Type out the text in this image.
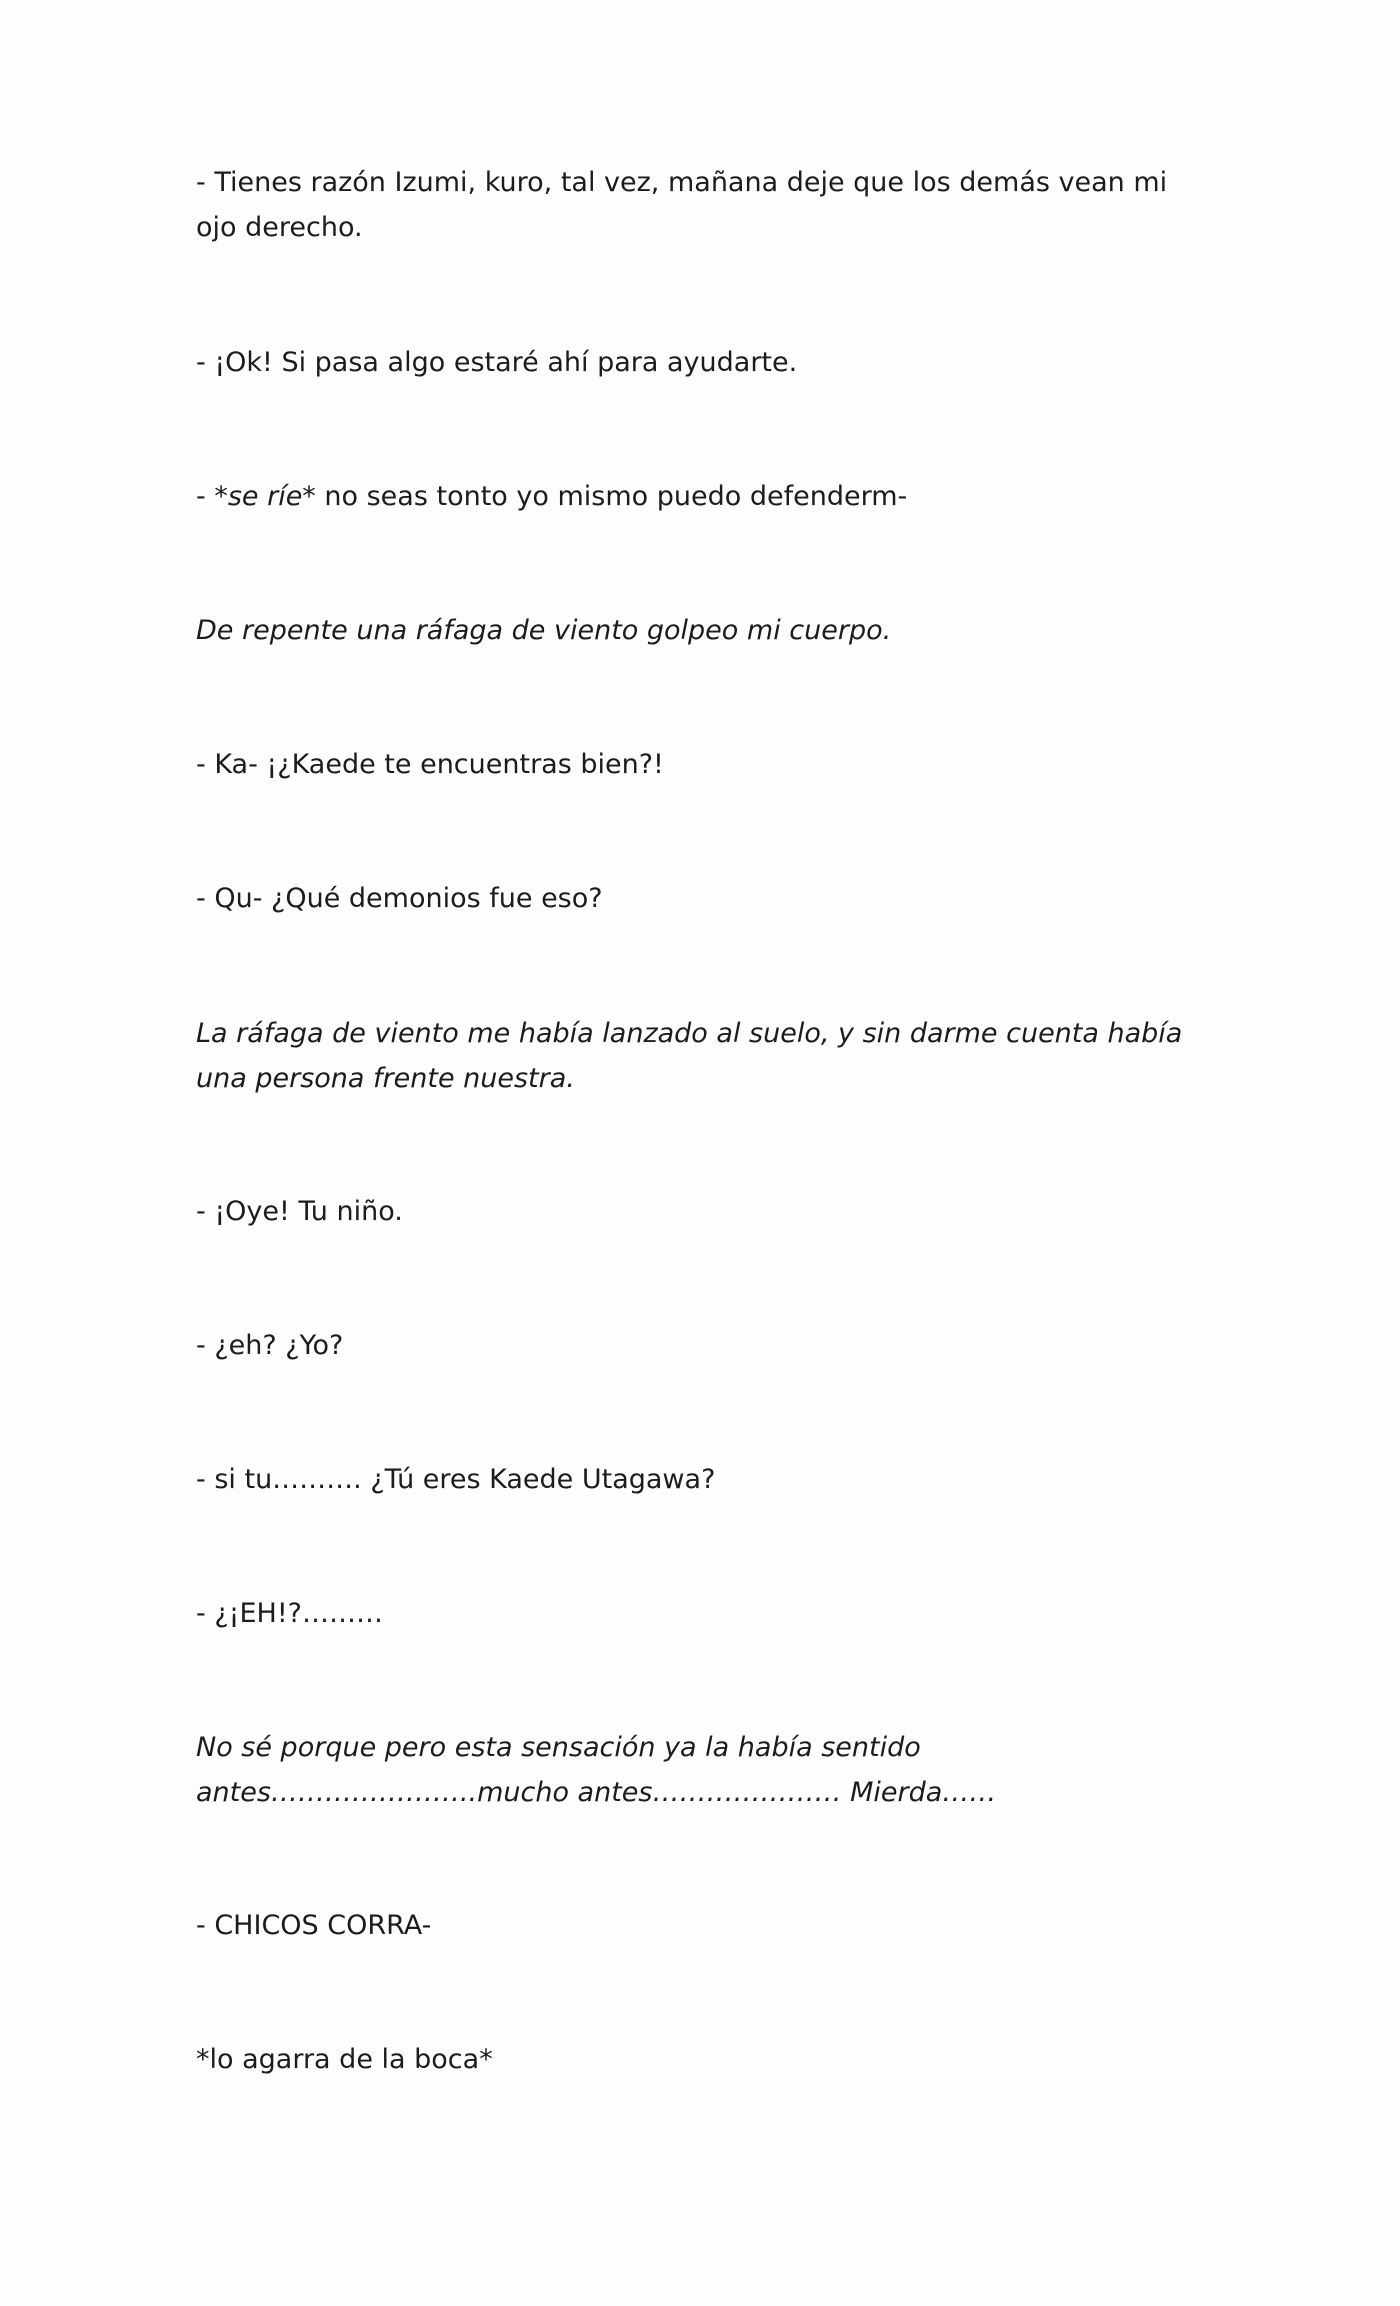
- Tienes razón Izumi, kuro, tal vez, mañana deje que los demás vean mi ojo derecho.

- ¡Ok! Si pasa algo estaré ahí para ayudarte.

- *se ríe* no seas tonto yo mismo puedo defenderm-

De repente una ráfaga de viento golpeo mi cuerpo.

- Ka- ¡¿Kaede te encuentras bien?!

- Qu- ¿Qué demonios fue eso?

La ráfaga de viento me había lanzado al suelo, y sin darme cuenta había una persona frente nuestra.

- ¡Oye! Tu niño.

- ¿eh? ¿Yo?

- si tu………. ¿Tú eres Kaede Utagawa?

- ¿¡EH!?………

No sé porque pero esta sensación ya la había sentido antes…………………..mucho antes………………… Mierda……

- CHICOS CORRA-

*lo agarra de la boca*
